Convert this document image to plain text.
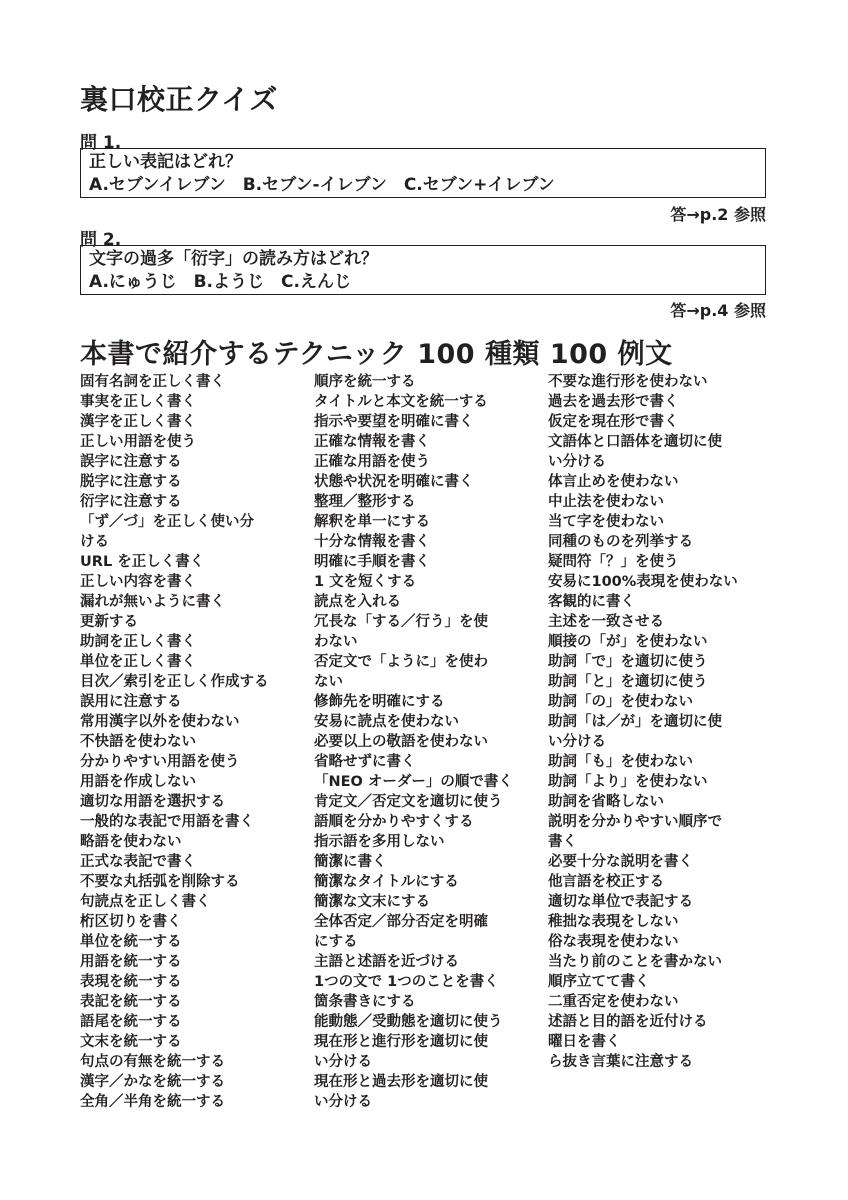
裏口校正クイズ
問 1.
正しい表記はどれ？
A.セブンイレブン　B.セブン-イレブン　C.セブン+イレブン
答→p.2 参照
問 2.
文字の過多「衍字」の読み方はどれ？
A.にゅうじ　B.ようじ　C.えんじ
答→p.4 参照
本書で紹介するテクニック 100 種類 100 例文
固有名詞を正しく書く
事実を正しく書く
漢字を正しく書く
正しい用語を使う
誤字に注意する
脱字に注意する
衍字に注意する
「ず／づ」を正しく使い分
ける
URL を正しく書く
正しい内容を書く
漏れが無いように書く
更新する
助詞を正しく書く
単位を正しく書く
目次／索引を正しく作成する
誤用に注意する
常用漢字以外を使わない
不快語を使わない
分かりやすい用語を使う
用語を作成しない
適切な用語を選択する
一般的な表記で用語を書く
略語を使わない
正式な表記で書く
不要な丸括弧を削除する
句読点を正しく書く
桁区切りを書く
単位を統一する
用語を統一する
表現を統一する
表記を統一する
語尾を統一する
文末を統一する
句点の有無を統一する
漢字／かなを統一する
全角／半角を統一する
順序を統一する
タイトルと本文を統一する
指示や要望を明確に書く
正確な情報を書く
正確な用語を使う
状態や状況を明確に書く
整理／整形する
解釈を単一にする
十分な情報を書く
明確に手順を書く
1 文を短くする
読点を入れる
冗長な「する／行う」を使
わない
否定文で「ように」を使わ
ない
修飾先を明確にする
安易に読点を使わない
必要以上の敬語を使わない
省略せずに書く
「NEO オーダー」の順で書く
肯定文／否定文を適切に使う
語順を分かりやすくする
指示語を多用しない
簡潔に書く
簡潔なタイトルにする
簡潔な文末にする
全体否定／部分否定を明確
にする
主語と述語を近づける
1つの文で 1つのことを書く
箇条書きにする
能動態／受動態を適切に使う
現在形と進行形を適切に使
い分ける
現在形と過去形を適切に使
い分ける
不要な進行形を使わない
過去を過去形で書く
仮定を現在形で書く
文語体と口語体を適切に使
い分ける
体言止めを使わない
中止法を使わない
当て字を使わない
同種のものを列挙する
疑問符「？」を使う
安易に100%表現を使わない
客観的に書く
主述を一致させる
順接の「が」を使わない
助詞「で」を適切に使う
助詞「と」を適切に使う
助詞「の」を使わない
助詞「は／が」を適切に使
い分ける
助詞「も」を使わない
助詞「より」を使わない
助詞を省略しない
説明を分かりやすい順序で
書く
必要十分な説明を書く
他言語を校正する
適切な単位で表記する
稚拙な表現をしない
俗な表現を使わない
当たり前のことを書かない
順序立てて書く
二重否定を使わない
述語と目的語を近付ける
曜日を書く
ら抜き言葉に注意する
